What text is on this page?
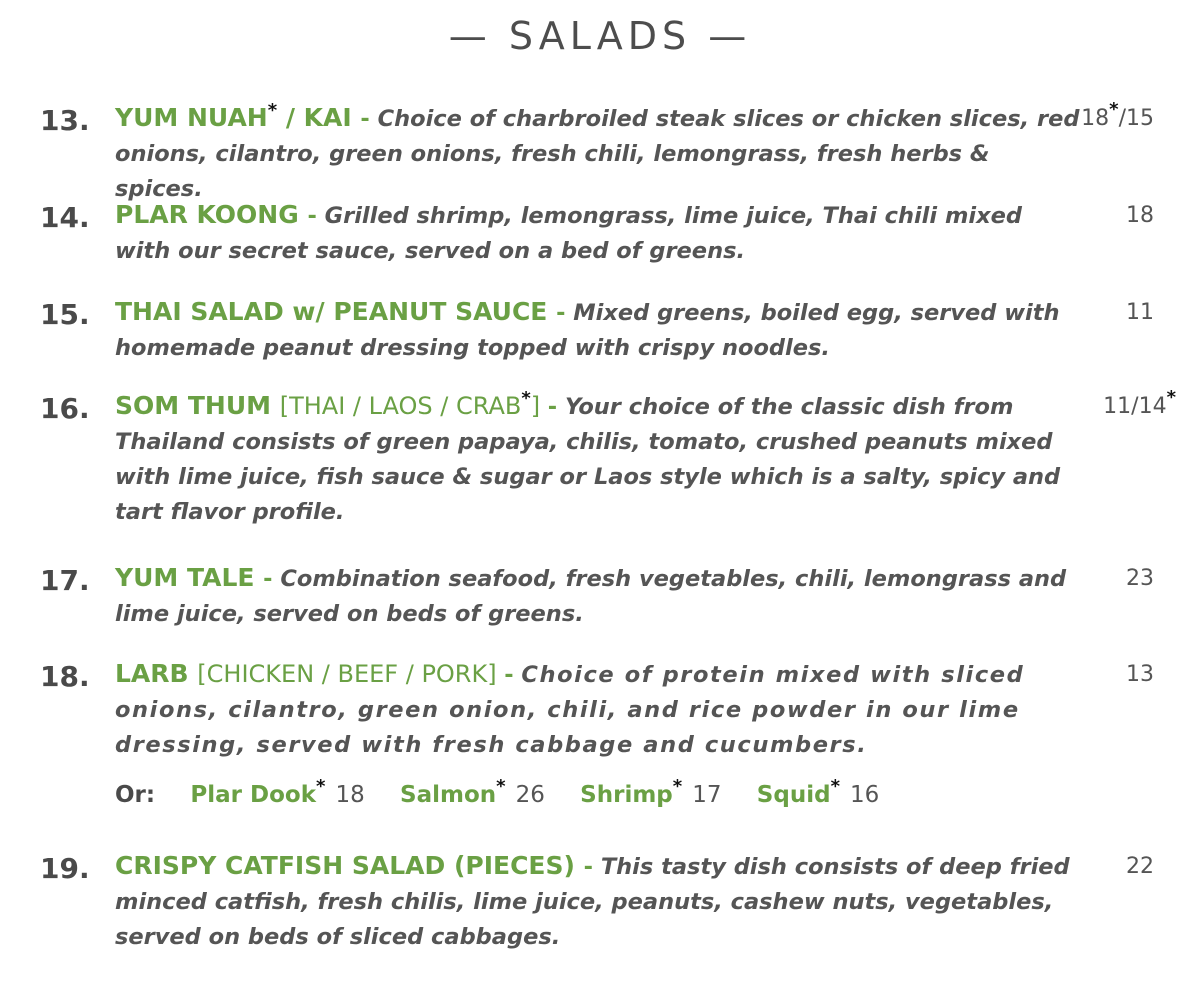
— SALADS —
13. YUM NUAH* / KAI - Choice of charbroiled steak slices or chicken slices, red onions, cilantro, green onions, fresh chili, lemongrass, fresh herbs & spices.
18*/15
14. PLAR KOONG - Grilled shrimp, lemongrass, lime juice, Thai chili mixed with our secret sauce, served on a bed of greens.
18
15. THAI SALAD w/ PEANUT SAUCE - Mixed greens, boiled egg, served with homemade peanut dressing topped with crispy noodles.
11
16. SOM THUM [THAI / LAOS / CRAB*] - Your choice of the classic dish from Thailand consists of green papaya, chilis, tomato, crushed peanuts mixed with lime juice, fish sauce & sugar or Laos style which is a salty, spicy and tart flavor profile.
11/14*
17. YUM TALE - Combination seafood, fresh vegetables, chili, lemongrass and lime juice, served on beds of greens.
23
18. LARB [CHICKEN / BEEF / PORK] - Choice of protein mixed with sliced onions, cilantro, green onion, chili, and rice powder in our lime dressing, served with fresh cabbage and cucumbers.
13
Or: Plar Dook* 18 Salmon* 26 Shrimp* 17 Squid* 16
19. CRISPY CATFISH SALAD (PIECES) - This tasty dish consists of deep fried minced catfish, fresh chilis, lime juice, peanuts, cashew nuts, vegetables, served on beds of sliced cabbages.
22
